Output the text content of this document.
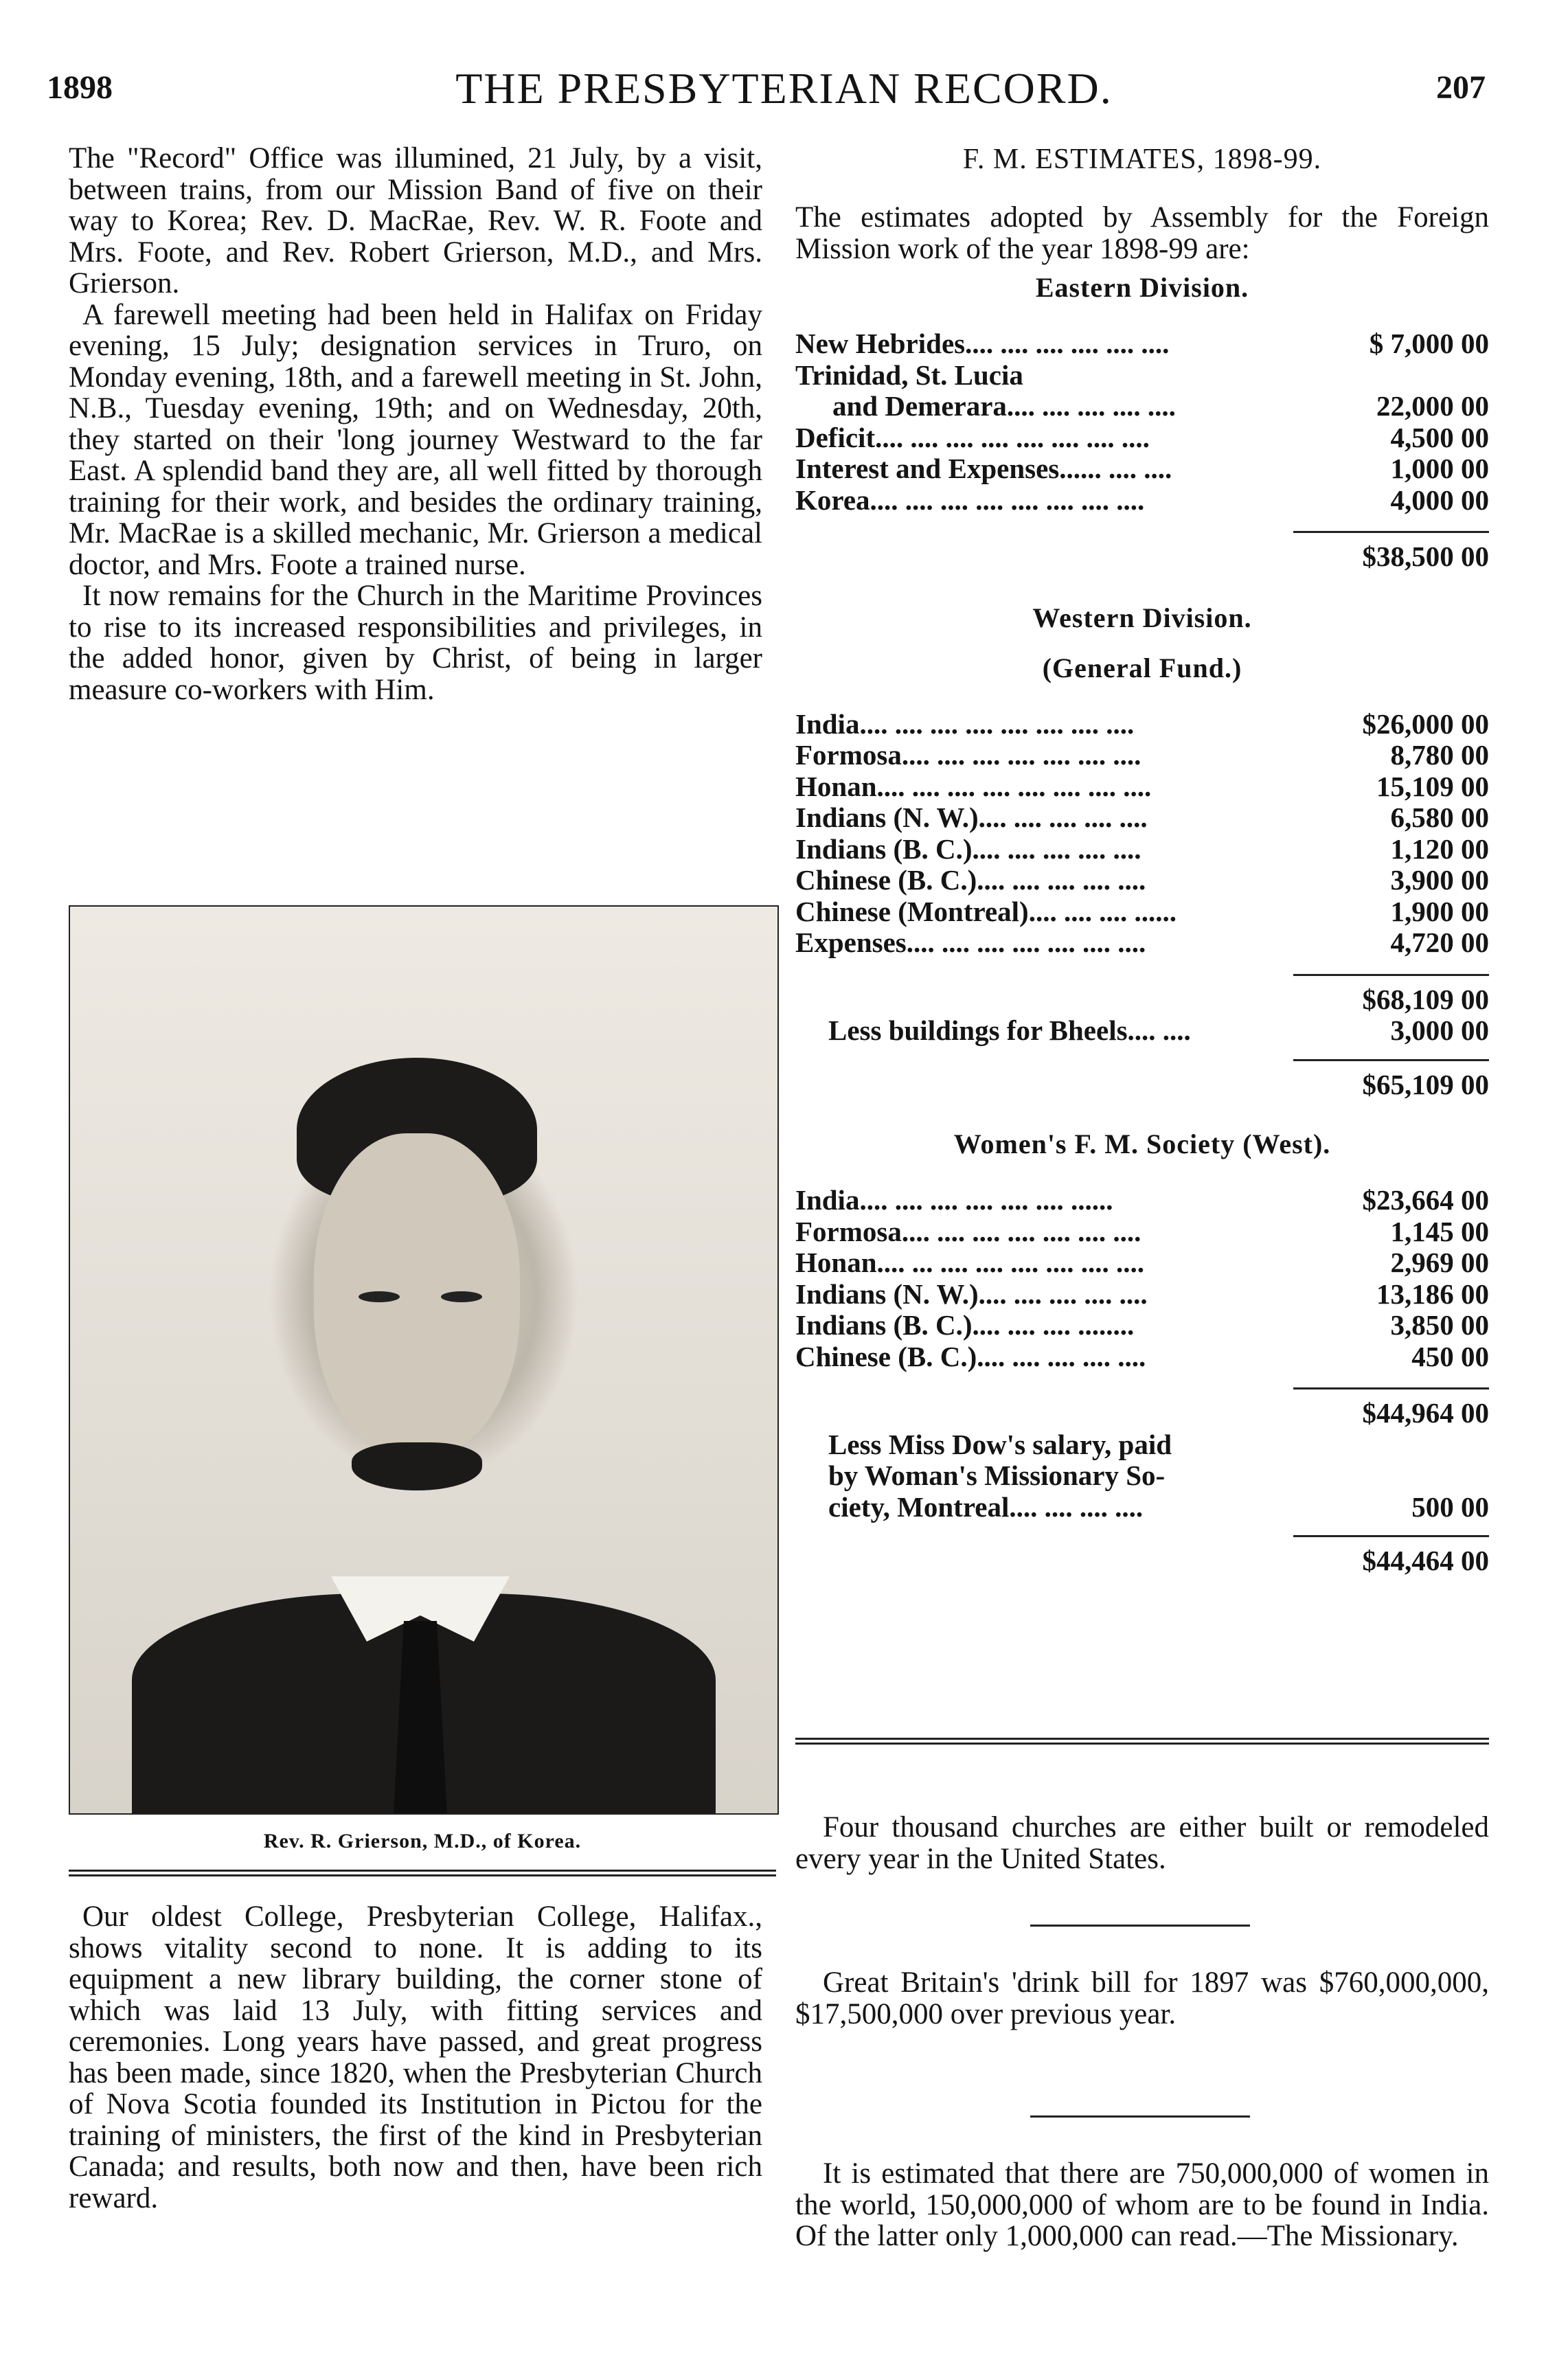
1898	THE PRESBYTERIAN RECORD.	207

The "Record" Office was illumined, 21 July, by a visit, between trains, from our Mission Band of five on their way to Korea; Rev. D. MacRae, Rev. W. R. Foote and Mrs. Foote, and Rev. Robert Grierson, M.D., and Mrs. Grierson.

A farewell meeting had been held in Halifax on Friday evening, 15 July; designation services in Truro, on Monday evening, 18th, and a farewell meeting in St. John, N.B., Tuesday evening, 19th; and on Wednesday, 20th, they started on their 'long journey Westward to the far East. A splendid band they are, all well fitted by thorough training for their work, and besides the ordinary training, Mr. MacRae is a skilled mechanic, Mr. Grierson a medical doctor, and Mrs. Foote a trained nurse.

It now remains for the Church in the Maritime Provinces to rise to its increased responsibilities and privileges, in the added honor, given by Christ, of being in larger measure co-workers with Him.

Rev. R. Grierson, M.D., of Korea.

Our oldest College, Presbyterian College, Halifax., shows vitality second to none. It is adding to its equipment a new library building, the corner stone of which was laid 13 July, with fitting services and ceremonies. Long years have passed, and great progress has been made, since 1820, when the Presbyterian Church of Nova Scotia founded its Institution in Pictou for the training of ministers, the first of the kind in Presbyterian Canada; and results, both now and then, have been rich reward.

F. M. ESTIMATES, 1898-99.

The estimates adopted by Assembly for the Foreign Mission work of the year 1898-99 are:

Eastern Division.
New Hebrides.... .... .... .... .... ....	$ 7,000 00
Trinidad, St. Lucia
and Demerara.... .... .... .... ....	22,000 00
Deficit.... .... .... .... .... .... .... ....	4,500 00
Interest and Expenses...... .... ....	1,000 00
Korea.... .... .... .... .... .... .... ....	4,000 00
$38,500 00
Western Division.
(General Fund.)
India.... .... .... .... .... .... .... ....	$26,000 00
Formosa.... .... .... .... .... .... ....	8,780 00
Honan.... .... .... .... .... .... .... ....	15,109 00
Indians (N. W.).... .... .... .... ....	6,580 00
Indians (B. C.).... .... .... .... ....	1,120 00
Chinese (B. C.).... .... .... .... ....	3,900 00
Chinese (Montreal).... .... .... ......	1,900 00
Expenses.... .... .... .... .... .... ....	4,720 00
$68,109 00
Less buildings for Bheels.... ....	3,000 00
$65,109 00
Women's F. M. Society (West).
India.... .... .... .... .... .... ......	$23,664 00
Formosa.... .... .... .... .... .... ....	1,145 00
Honan.... ... .... .... .... .... .... ....	2,969 00
Indians (N. W.).... .... .... .... ....	13,186 00
Indians (B. C.).... .... .... ........	3,850 00
Chinese (B. C.).... .... .... .... ....	450 00
$44,964 00
Less Miss Dow's salary, paid
by Woman's Missionary So-
ciety, Montreal.... .... .... ....	500 00
$44,464 00

Four thousand churches are either built or remodeled every year in the United States.

Great Britain's 'drink bill for 1897 was $760,000,000, $17,500,000 over previous year.

It is estimated that there are 750,000,000 of women in the world, 150,000,000 of whom are to be found in India. Of the latter only 1,000,000 can read.—The Missionary.
